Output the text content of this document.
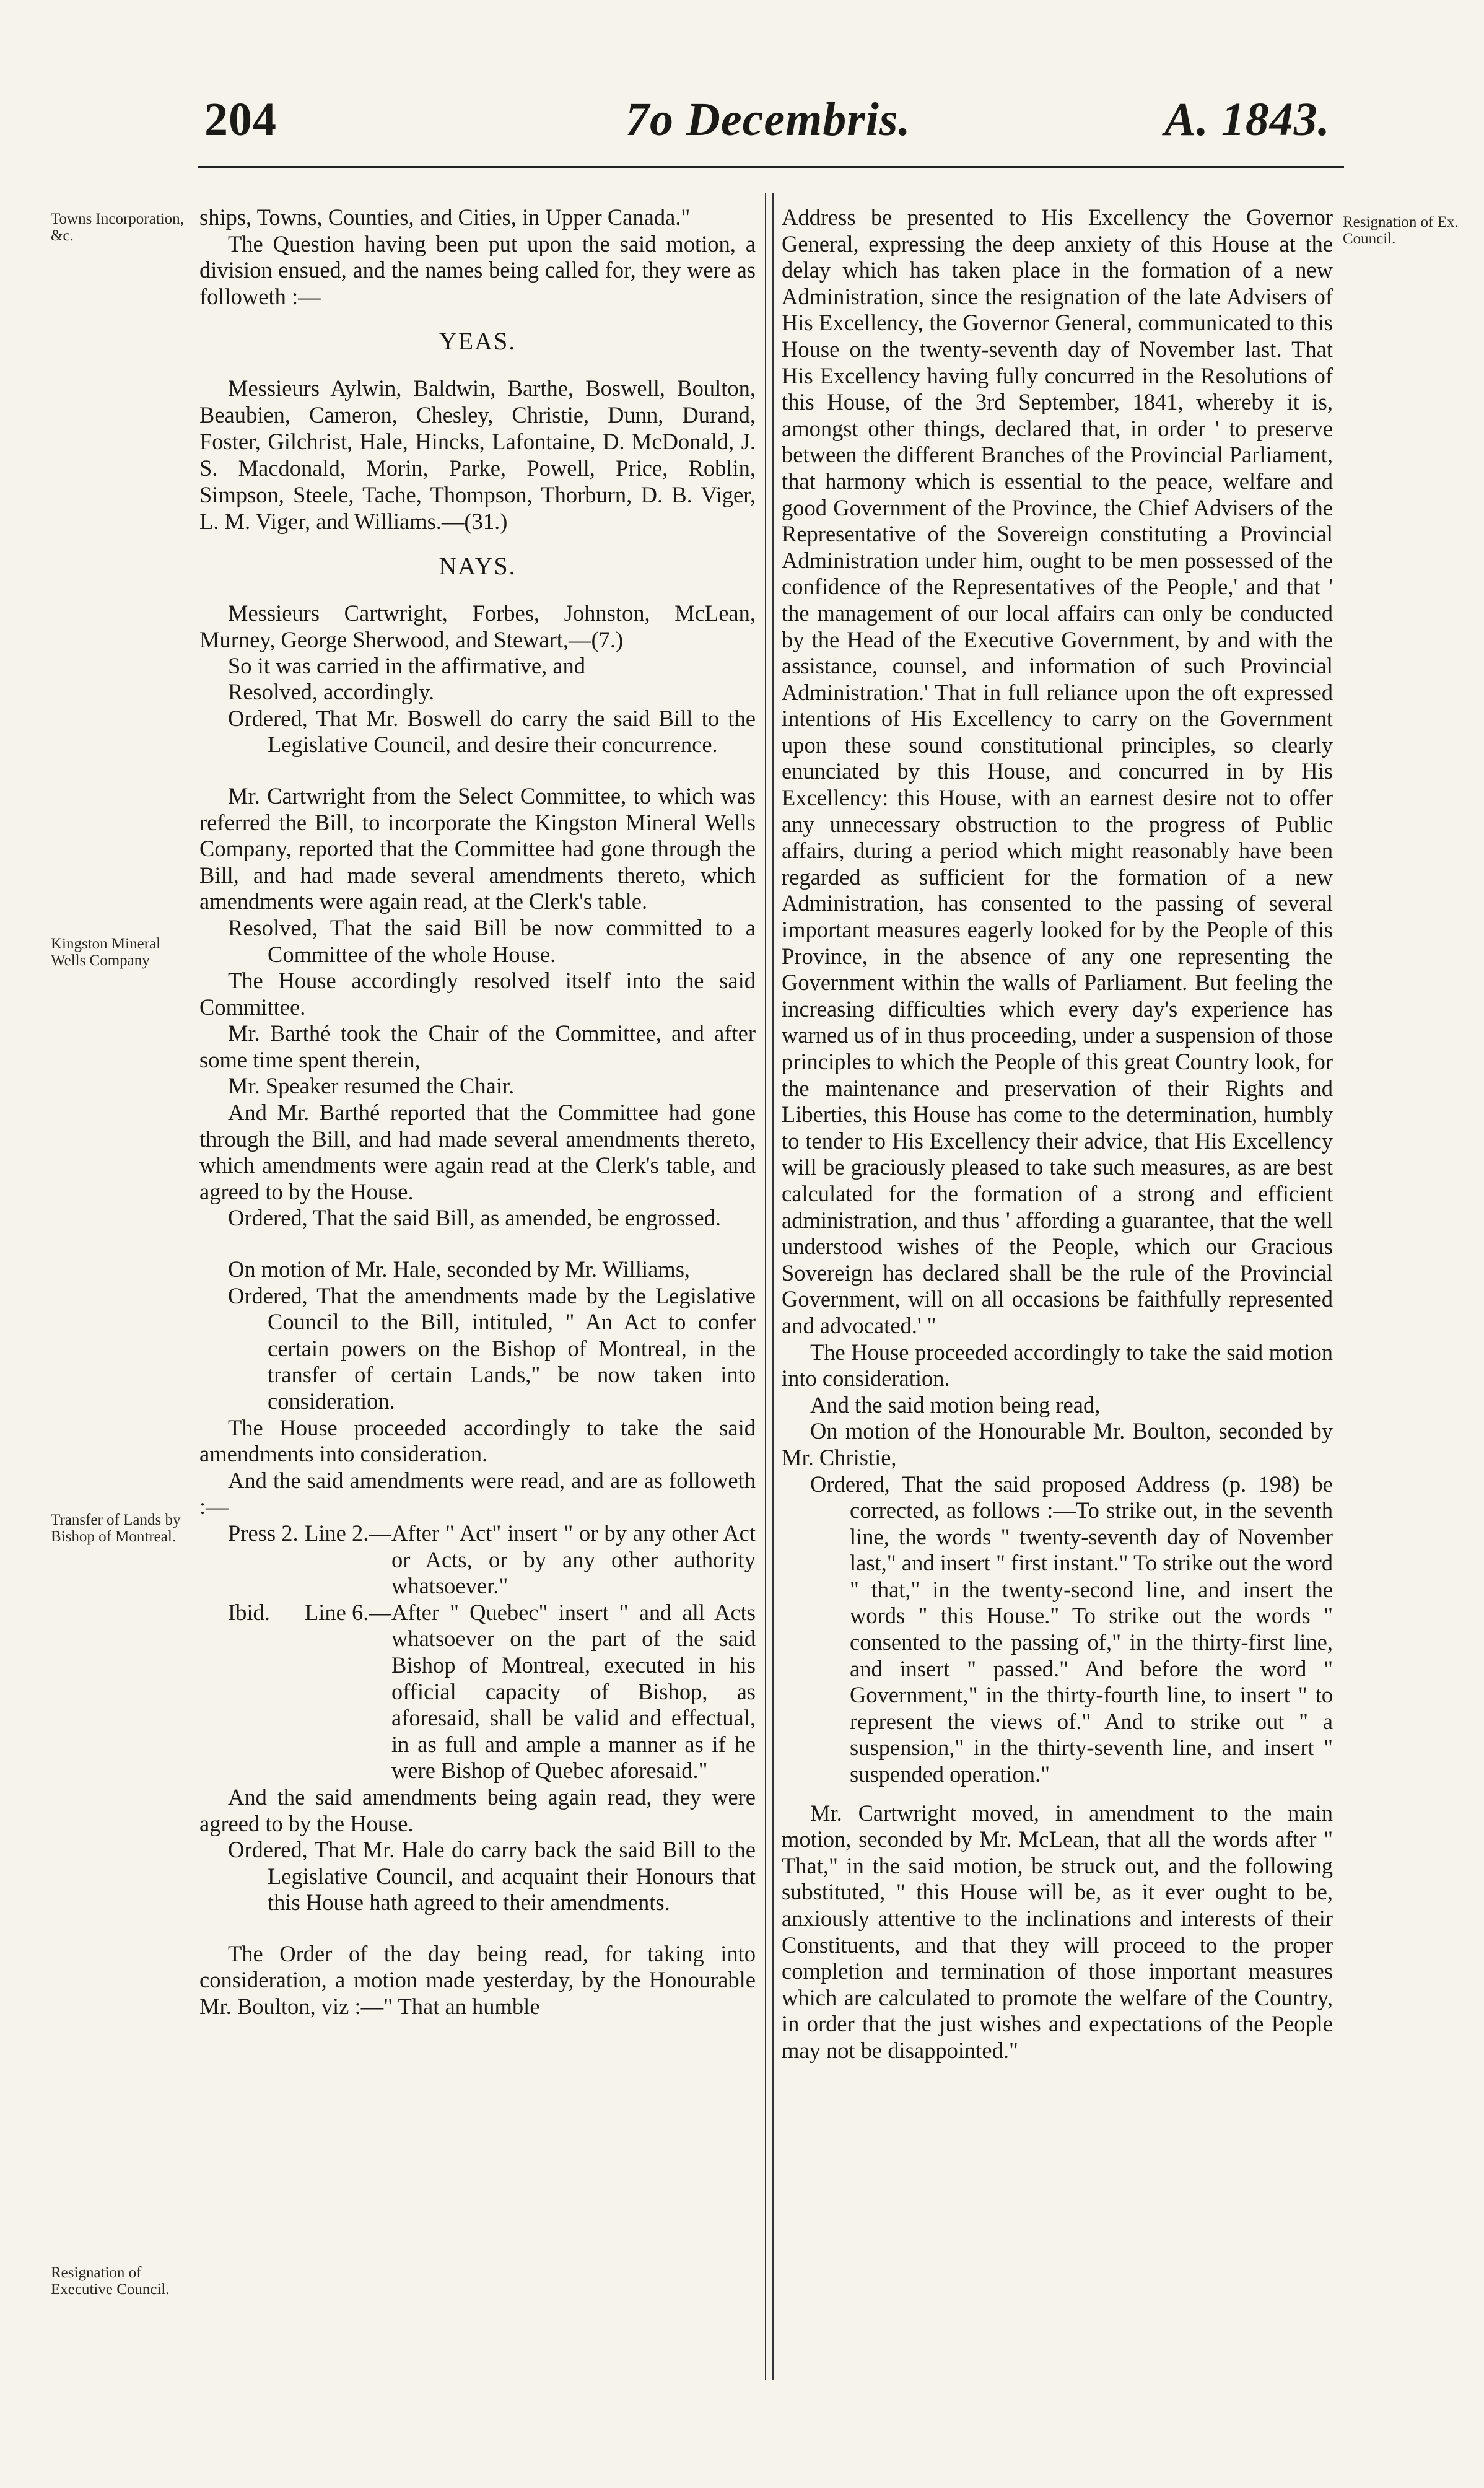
204	7o Decembris.	A. 1843.
Towns Incorporation, &c.
Kingston Mineral Wells Company
Transfer of Lands by Bishop of Montreal.
Resignation of Executive Council.
Resignation of Ex. Council.

ships, Towns, Counties, and Cities, in Upper Canada."

The Question having been put upon the said motion, a division ensued, and the names being called for, they were as followeth :—

YEAS.

Messieurs Aylwin, Baldwin, Barthe, Boswell, Boulton, Beaubien, Cameron, Chesley, Christie, Dunn, Durand, Foster, Gilchrist, Hale, Hincks, Lafontaine, D. McDonald, J. S. Macdonald, Morin, Parke, Powell, Price, Roblin, Simpson, Steele, Tache, Thompson, Thorburn, D. B. Viger, L. M. Viger, and Williams.—(31.)

NAYS.

Messieurs Cartwright, Forbes, Johnston, McLean, Murney, George Sherwood, and Stewart,—(7.)

So it was carried in the affirmative, and

Resolved, accordingly.

Ordered, That Mr. Boswell do carry the said Bill to the Legislative Council, and desire their concurrence.

Mr. Cartwright from the Select Committee, to which was referred the Bill, to incorporate the Kingston Mineral Wells Company, reported that the Committee had gone through the Bill, and had made several amendments thereto, which amendments were again read, at the Clerk's table.

Resolved, That the said Bill be now committed to a Committee of the whole House.

The House accordingly resolved itself into the said Committee.

Mr. Barthé took the Chair of the Committee, and after some time spent therein,

Mr. Speaker resumed the Chair.

And Mr. Barthé reported that the Committee had gone through the Bill, and had made several amendments thereto, which amendments were again read at the Clerk's table, and agreed to by the House.

Ordered, That the said Bill, as amended, be engrossed.

On motion of Mr. Hale, seconded by Mr. Williams,

Ordered, That the amendments made by the Legislative Council to the Bill, intituled, " An Act to confer certain powers on the Bishop of Montreal, in the transfer of certain Lands," be now taken into consideration.

The House proceeded accordingly to take the said amendments into consideration.

And the said amendments were read, and are as followeth :—

Press 2. Line 2.— After " Act" insert " or by any other Act or Acts, or by any other authority whatsoever."
Ibid.	Line 6.— After " Quebec" insert " and all Acts whatsoever on the part of the said Bishop of Montreal, executed in his official capacity of Bishop, as aforesaid, shall be valid and effectual, in as full and ample a manner as if he were Bishop of Quebec aforesaid."

And the said amendments being again read, they were agreed to by the House.

Ordered, That Mr. Hale do carry back the said Bill to the Legislative Council, and acquaint their Honours that this House hath agreed to their amendments.

The Order of the day being read, for taking into consideration, a motion made yesterday, by the Honourable Mr. Boulton, viz :—" That an humble

Address be presented to His Excellency the Governor General, expressing the deep anxiety of this House at the delay which has taken place in the formation of a new Administration, since the resignation of the late Advisers of His Excellency, the Governor General, communicated to this House on the twenty-seventh day of November last. That His Excellency having fully concurred in the Resolutions of this House, of the 3rd September, 1841, whereby it is, amongst other things, declared that, in order ' to preserve between the different Branches of the Provincial Parliament, that harmony which is essential to the peace, welfare and good Government of the Province, the Chief Advisers of the Representative of the Sovereign constituting a Provincial Administration under him, ought to be men possessed of the confidence of the Representatives of the People,' and that ' the management of our local affairs can only be conducted by the Head of the Executive Government, by and with the assistance, counsel, and information of such Provincial Administration.' That in full reliance upon the oft expressed intentions of His Excellency to carry on the Government upon these sound constitutional principles, so clearly enunciated by this House, and concurred in by His Excellency: this House, with an earnest desire not to offer any unnecessary obstruction to the progress of Public affairs, during a period which might reasonably have been regarded as sufficient for the formation of a new Administration, has consented to the passing of several important measures eagerly looked for by the People of this Province, in the absence of any one representing the Government within the walls of Parliament. But feeling the increasing difficulties which every day's experience has warned us of in thus proceeding, under a suspension of those principles to which the People of this great Country look, for the maintenance and preservation of their Rights and Liberties, this House has come to the determination, humbly to tender to His Excellency their advice, that His Excellency will be graciously pleased to take such measures, as are best calculated for the formation of a strong and efficient administration, and thus ' affording a guarantee, that the well understood wishes of the People, which our Gracious Sovereign has declared shall be the rule of the Provincial Government, will on all occasions be faithfully represented and advocated.' "

The House proceeded accordingly to take the said motion into consideration.

And the said motion being read,

On motion of the Honourable Mr. Boulton, seconded by Mr. Christie,

Ordered, That the said proposed Address (p. 198) be corrected, as follows :—To strike out, in the seventh line, the words " twenty-seventh day of November last," and insert " first instant." To strike out the word " that," in the twenty-second line, and insert the words " this House." To strike out the words " consented to the passing of," in the thirty-first line, and insert " passed." And before the word " Government," in the thirty-fourth line, to insert " to represent the views of." And to strike out " a suspension," in the thirty-seventh line, and insert " suspended operation."

Mr. Cartwright moved, in amendment to the main motion, seconded by Mr. McLean, that all the words after " That," in the said motion, be struck out, and the following substituted, " this House will be, as it ever ought to be, anxiously attentive to the inclinations and interests of their Constituents, and that they will proceed to the proper completion and termination of those important measures which are calculated to promote the welfare of the Country, in order that the just wishes and expectations of the People may not be disappointed."
